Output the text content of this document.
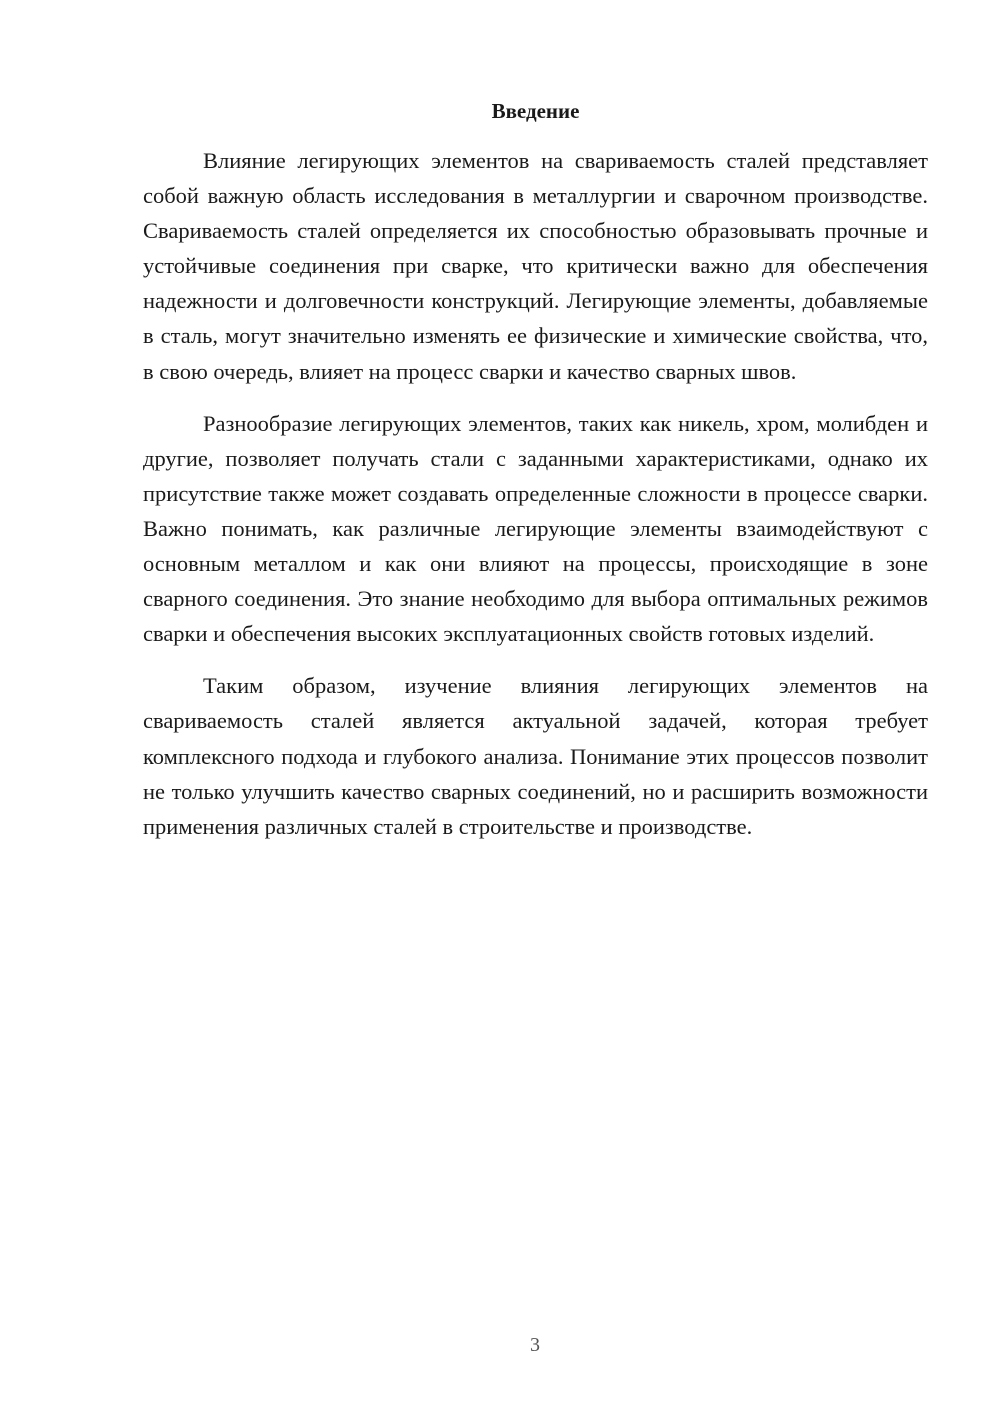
Введение

Влияние легирующих элементов на свариваемость сталей представляет собой важную область исследования в металлургии и сварочном производстве. Свариваемость сталей определяется их способностью образовывать прочные и устойчивые соединения при сварке, что критически важно для обеспечения надежности и долговечности конструкций. Легирующие элементы, добавляемые в сталь, могут значительно изменять ее физические и химические свойства, что, в свою очередь, влияет на процесс сварки и качество сварных швов.

Разнообразие легирующих элементов, таких как никель, хром, молибден и другие, позволяет получать стали с заданными характеристиками, однако их присутствие также может создавать определенные сложности в процессе сварки. Важно понимать, как различные легирующие элементы взаимодействуют с основным металлом и как они влияют на процессы, происходящие в зоне сварного соединения. Это знание необходимо для выбора оптимальных режимов сварки и обеспечения высоких эксплуатационных свойств готовых изделий.

Таким образом, изучение влияния легирующих элементов на свариваемость сталей является актуальной задачей, которая требует комплексного подхода и глубокого анализа. Понимание этих процессов позволит не только улучшить качество сварных соединений, но и расширить возможности применения различных сталей в строительстве и производстве.

3
